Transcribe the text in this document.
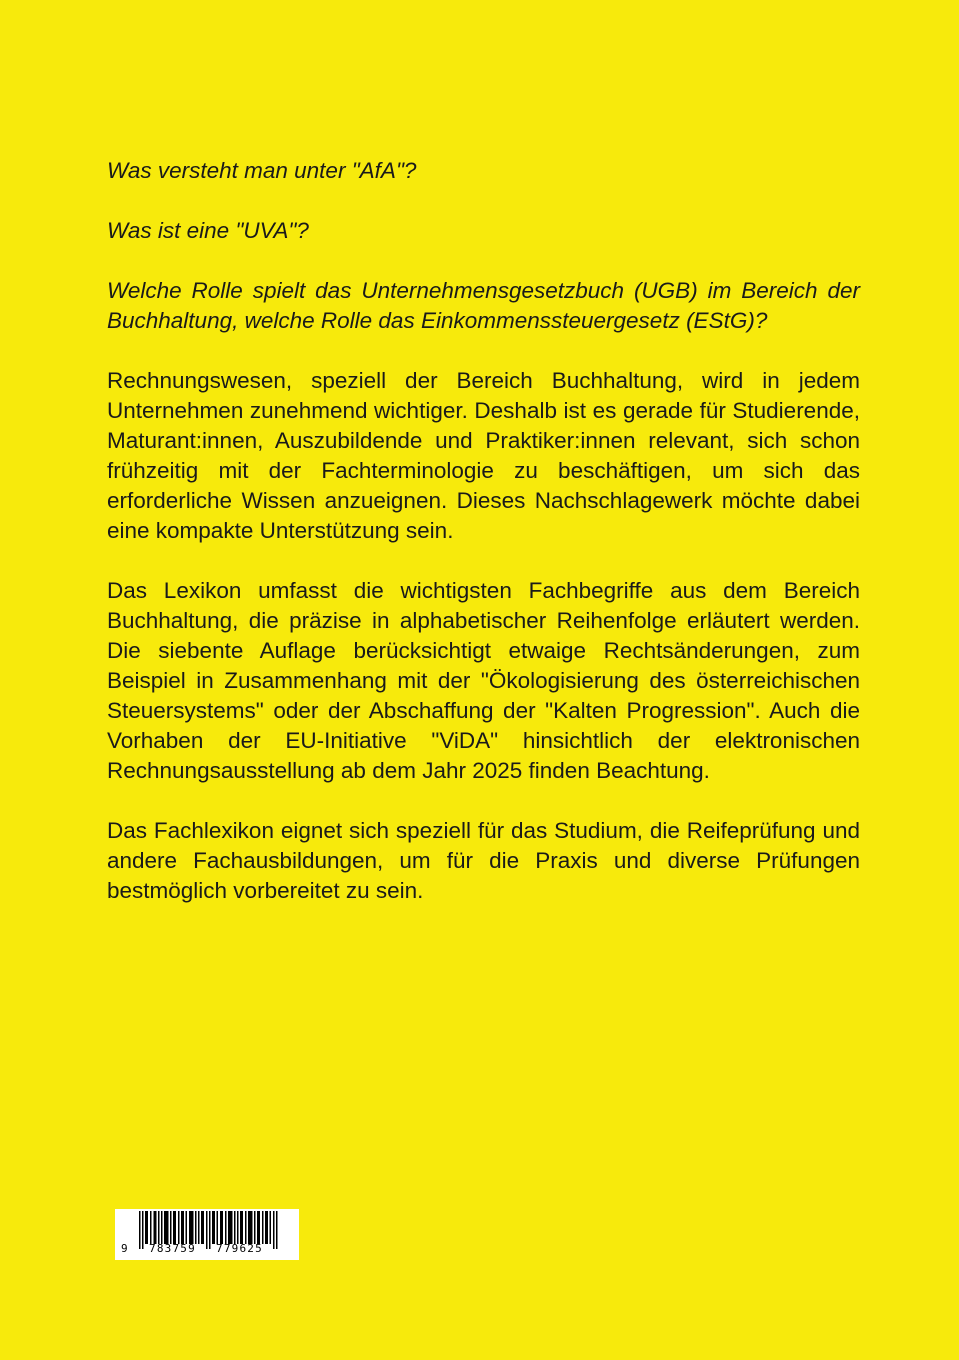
Was versteht man unter "AfA"?

Was ist eine "UVA"?

Welche Rolle spielt das Unternehmensgesetzbuch (UGB) im Bereich der Buchhaltung, welche Rolle das Einkommenssteuergesetz (EStG)?

Rechnungswesen, speziell der Bereich Buchhaltung, wird in jedem Unternehmen zunehmend wichtiger. Deshalb ist es gerade für Studierende, Maturant:innen, Auszubildende und Praktiker:innen relevant, sich schon frühzeitig mit der Fachterminologie zu beschäftigen, um sich das erforderliche Wissen anzueignen. Dieses Nachschlagewerk möchte dabei eine kompakte Unterstützung sein.

Das Lexikon umfasst die wichtigsten Fachbegriffe aus dem Bereich Buchhaltung, die präzise in alphabetischer Reihenfolge erläutert werden. Die siebente Auflage berücksichtigt etwaige Rechtsänderungen, zum Beispiel in Zusammenhang mit der "Ökologisierung des österreichischen Steuersystems" oder der Abschaffung der "Kalten Progression". Auch die Vorhaben der EU-Initiative "ViDA" hinsichtlich der elektronischen Rechnungsausstellung ab dem Jahr 2025 finden Beachtung.

Das Fachlexikon eignet sich speziell für das Studium, die Reifeprüfung und andere Fachausbildungen, um für die Praxis und diverse Prüfungen bestmöglich vorbereitet zu sein.

9 783759 779625
